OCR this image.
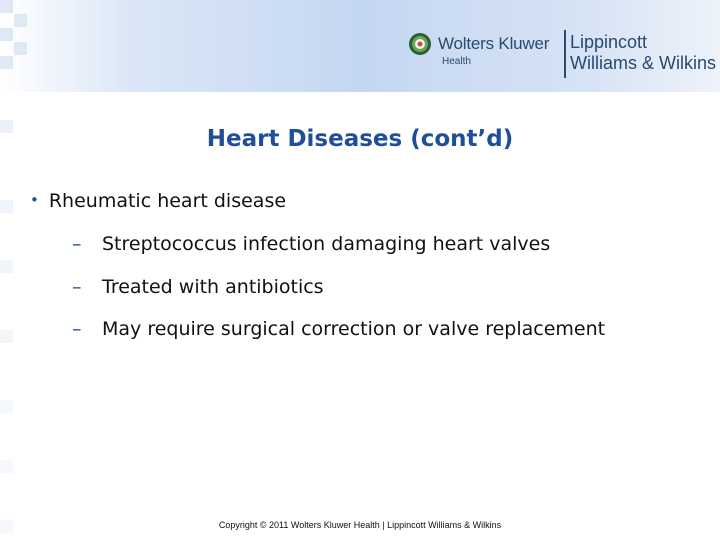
Wolters Kluwer
Health
Lippincott
Williams & Wilkins
Heart Diseases (cont’d)
• Rheumatic heart disease
– Streptococcus infection damaging heart valves
– Treated with antibiotics
– May require surgical correction or valve replacement
Copyright © 2011 Wolters Kluwer Health | Lippincott Williams & Wilkins
